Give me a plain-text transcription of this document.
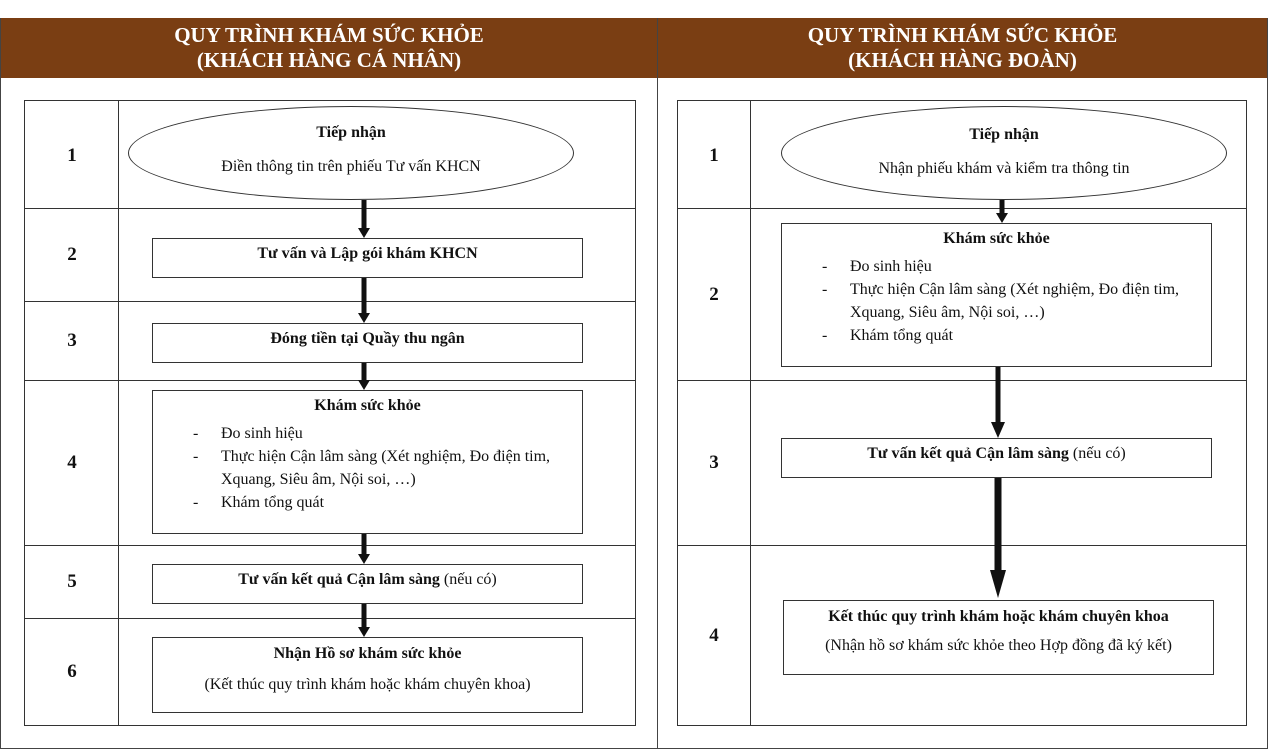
QUY TRÌNH KHÁM SỨC KHỎE
(KHÁCH HÀNG CÁ NHÂN)
QUY TRÌNH KHÁM SỨC KHỎE
(KHÁCH HÀNG ĐOÀN)
1
2
3
4
5
6
Tiếp nhận
Điền thông tin trên phiếu Tư vấn KHCN
Tư vấn và Lập gói khám KHCN
Đóng tiền tại Quầy thu ngân
Khám sức khỏe
- Đo sinh hiệu
- Thực hiện Cận lâm sàng (Xét nghiệm, Đo điện tim, Xquang, Siêu âm, Nội soi, …)
- Khám tổng quát
Tư vấn kết quả Cận lâm sàng (nếu có)
Nhận Hồ sơ khám sức khỏe
(Kết thúc quy trình khám hoặc khám chuyên khoa)
1
2
3
4
Tiếp nhận
Nhận phiếu khám và kiểm tra thông tin
Khám sức khỏe
- Đo sinh hiệu
- Thực hiện Cận lâm sàng (Xét nghiệm, Đo điện tim, Xquang, Siêu âm, Nội soi, …)
- Khám tổng quát
Tư vấn kết quả Cận lâm sàng (nếu có)
Kết thúc quy trình khám hoặc khám chuyên khoa
(Nhận hồ sơ khám sức khỏe theo Hợp đồng đã ký kết)
